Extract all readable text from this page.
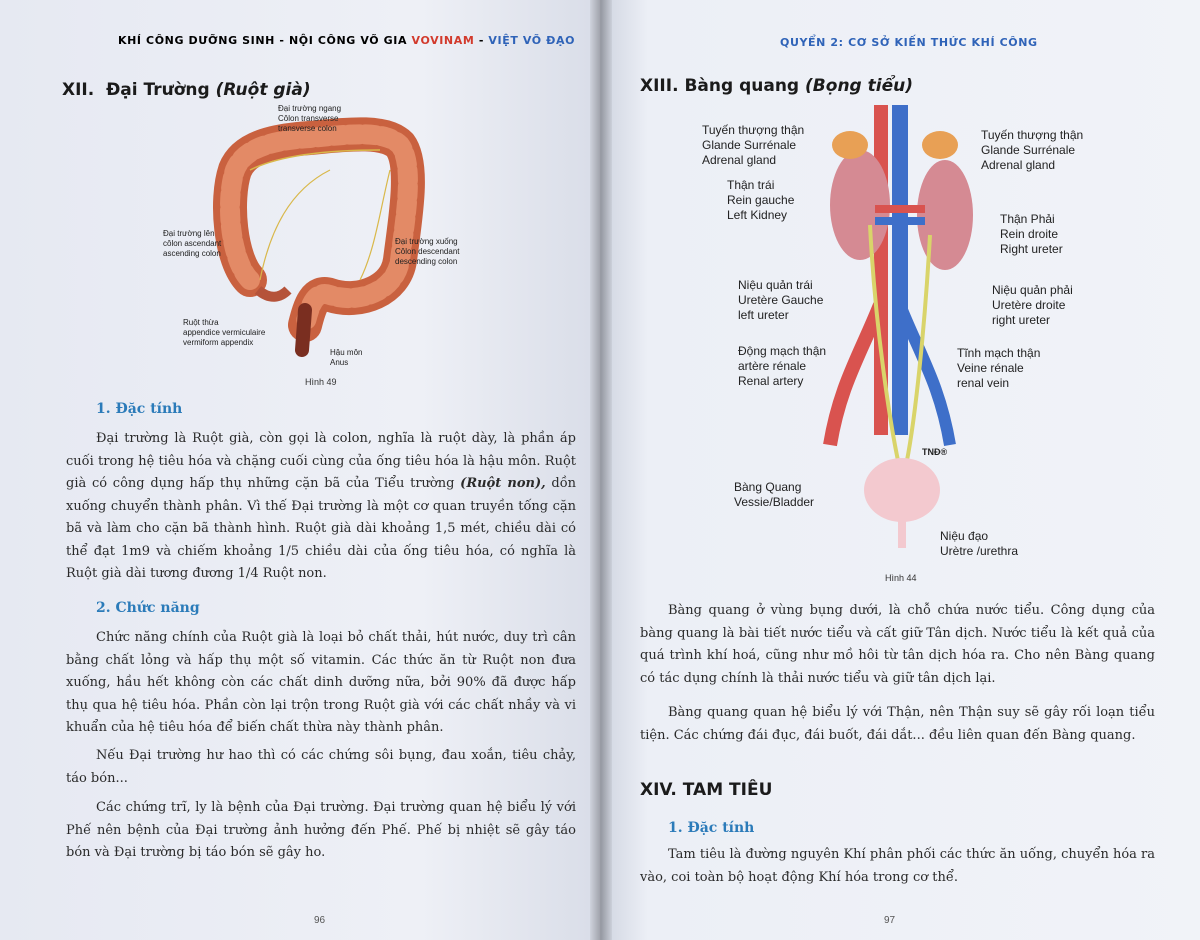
KHÍ CÔNG DƯỠNG SINH - NỘI CÔNG VÕ GIA VOVINAM - VIỆT VÕ ĐẠO
XII. Đại Trường (Ruột già)
Đại trường ngang
Côlon transverse
transverse colon
Đại trường lên
côlon ascendant
ascending colon
Đại trường xuống
Côlon descendant
descending colon
Ruột thừa
appendice vermiculaire
vermiform appendix
Hậu môn
Anus
Hình 49
1. Đặc tính

Đại trường là Ruột già, còn gọi là colon, nghĩa là ruột dày, là phần áp cuối trong hệ tiêu hóa và chặng cuối cùng của ống tiêu hóa là hậu môn. Ruột già có công dụng hấp thụ những cặn bã của Tiểu trường (Ruột non), dồn xuống chuyển thành phân. Vì thế Đại trường là một cơ quan truyền tống cặn bã và làm cho cặn bã thành hình. Ruột già dài khoảng 1,5 mét, chiều dài có thể đạt 1m9 và chiếm khoảng 1/5 chiều dài của ống tiêu hóa, có nghĩa là Ruột già dài tương đương 1/4 Ruột non.

2. Chức năng

Chức năng chính của Ruột già là loại bỏ chất thải, hút nước, duy trì cân bằng chất lỏng và hấp thụ một số vitamin. Các thức ăn từ Ruột non đưa xuống, hầu hết không còn các chất dinh dưỡng nữa, bởi 90% đã được hấp thụ qua hệ tiêu hóa. Phần còn lại trộn trong Ruột già với các chất nhầy và vi khuẩn của hệ tiêu hóa để biến chất thừa này thành phân.

Nếu Đại trường hư hao thì có các chứng sôi bụng, đau xoắn, tiêu chảy, táo bón...

Các chứng trĩ, ly là bệnh của Đại trường. Đại trường quan hệ biểu lý với Phế nên bệnh của Đại trường ảnh hưởng đến Phế. Phế bị nhiệt sẽ gây táo bón và Đại trường bị táo bón sẽ gây ho.

96
QUYỂN 2: CƠ SỞ KIẾN THỨC KHÍ CÔNG
XIII. Bàng quang (Bọng tiểu)
TNĐ®
Tuyến thượng thận
Glande Surrénale
Adrenal gland
Tuyến thượng thận
Glande Surrénale
Adrenal gland
Thận trái
Rein gauche
Left Kidney	Thận Phải
Rein droite
Right ureter
Niệu quản trái
Uretère Gauche
left ureter
Niệu quản phải
Uretère droite
right ureter
Động mạch thận
artère rénale
Renal artery
Tĩnh mạch thận
Veine rénale
renal vein
Bàng Quang
Vessie/Bladder
Niệu đạo
Urètre /urethra
Hình 44

Bàng quang ở vùng bụng dưới, là chỗ chứa nước tiểu. Công dụng của bàng quang là bài tiết nước tiểu và cất giữ Tân dịch. Nước tiểu là kết quả của quá trình khí hoá, cũng như mồ hôi từ tân dịch hóa ra. Cho nên Bàng quang có tác dụng chính là thải nước tiểu và giữ tân dịch lại.

Bàng quang quan hệ biểu lý với Thận, nên Thận suy sẽ gây rối loạn tiểu tiện. Các chứng đái đục, đái buốt, đái dắt... đều liên quan đến Bàng quang.

XIV. TAM TIÊU
1. Đặc tính

Tam tiêu là đường nguyên Khí phân phối các thức ăn uống, chuyển hóa ra vào, coi toàn bộ hoạt động Khí hóa trong cơ thể.

97
